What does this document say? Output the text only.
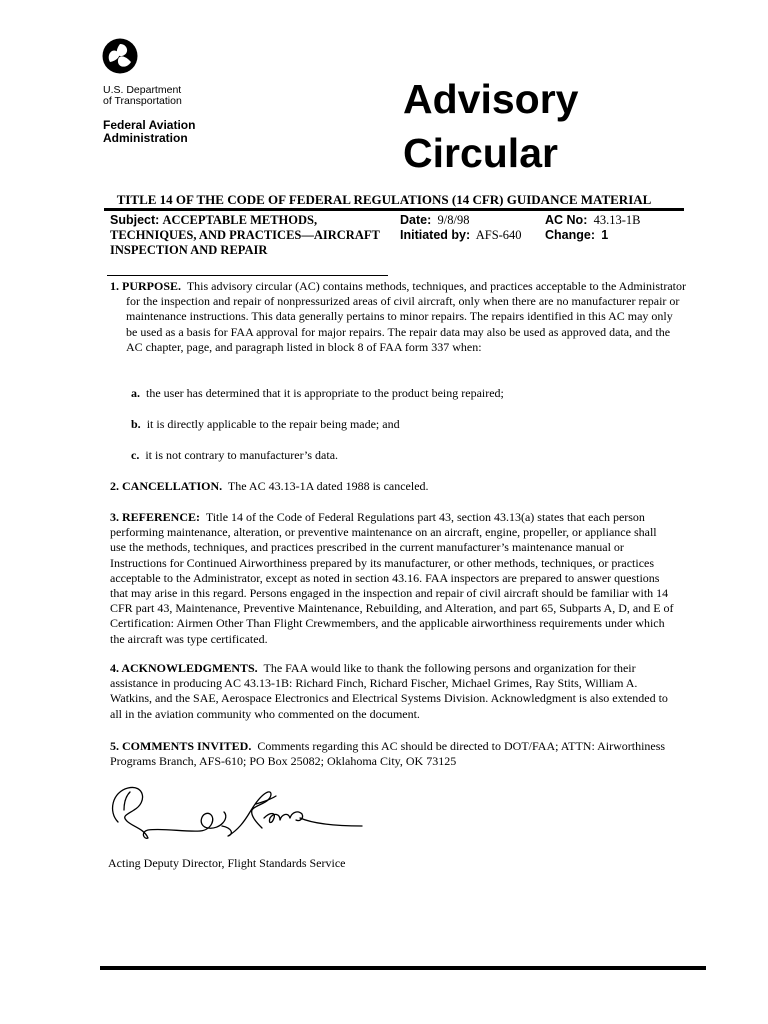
U.S. Department
of Transportation
Federal Aviation
Administration
Advisory
Circular
TITLE 14 OF THE CODE OF FEDERAL REGULATIONS (14 CFR) GUIDANCE MATERIAL
Subject: ACCEPTABLE METHODS,
TECHNIQUES, AND PRACTICES—AIRCRAFT
INSPECTION AND REPAIR
Date: 9/8/98
Initiated by: AFS-640
AC No: 43.13-1B
Change: 1
1. PURPOSE. This advisory circular (AC) contains methods, techniques, and practices acceptable to the Administrator for the inspection and repair of nonpressurized areas of civil aircraft, only when there are no manufacturer repair or maintenance instructions. This data generally pertains to minor repairs. The repairs identified in this AC may only be used as a basis for FAA approval for major repairs. The repair data may also be used as approved data, and the AC chapter, page, and paragraph listed in block 8 of FAA form 337 when:
a. the user has determined that it is appropriate to the product being repaired;
b. it is directly applicable to the repair being made; and
c. it is not contrary to manufacturer’s data.
2. CANCELLATION. The AC 43.13-1A dated 1988 is canceled.
3. REFERENCE: Title 14 of the Code of Federal Regulations part 43, section 43.13(a) states that each person performing maintenance, alteration, or preventive maintenance on an aircraft, engine, propeller, or appliance shall use the methods, techniques, and practices prescribed in the current manufacturer’s maintenance manual or Instructions for Continued Airworthiness prepared by its manufacturer, or other methods, techniques, or practices acceptable to the Administrator, except as noted in section 43.16. FAA inspectors are prepared to answer questions that may arise in this regard. Persons engaged in the inspection and repair of civil aircraft should be familiar with 14 CFR part 43, Maintenance, Preventive Maintenance, Rebuilding, and Alteration, and part 65, Subparts A, D, and E of Certification: Airmen Other Than Flight Crewmembers, and the applicable airworthiness requirements under which the aircraft was type certificated.
4. ACKNOWLEDGMENTS. The FAA would like to thank the following persons and organization for their assistance in producing AC 43.13-1B: Richard Finch, Richard Fischer, Michael Grimes, Ray Stits, William A. Watkins, and the SAE, Aerospace Electronics and Electrical Systems Division. Acknowledgment is also extended to all in the aviation community who commented on the document.
5. COMMENTS INVITED. Comments regarding this AC should be directed to DOT/FAA; ATTN: Airworthiness Programs Branch, AFS-610; PO Box 25082; Oklahoma City, OK 73125
Acting Deputy Director, Flight Standards Service
